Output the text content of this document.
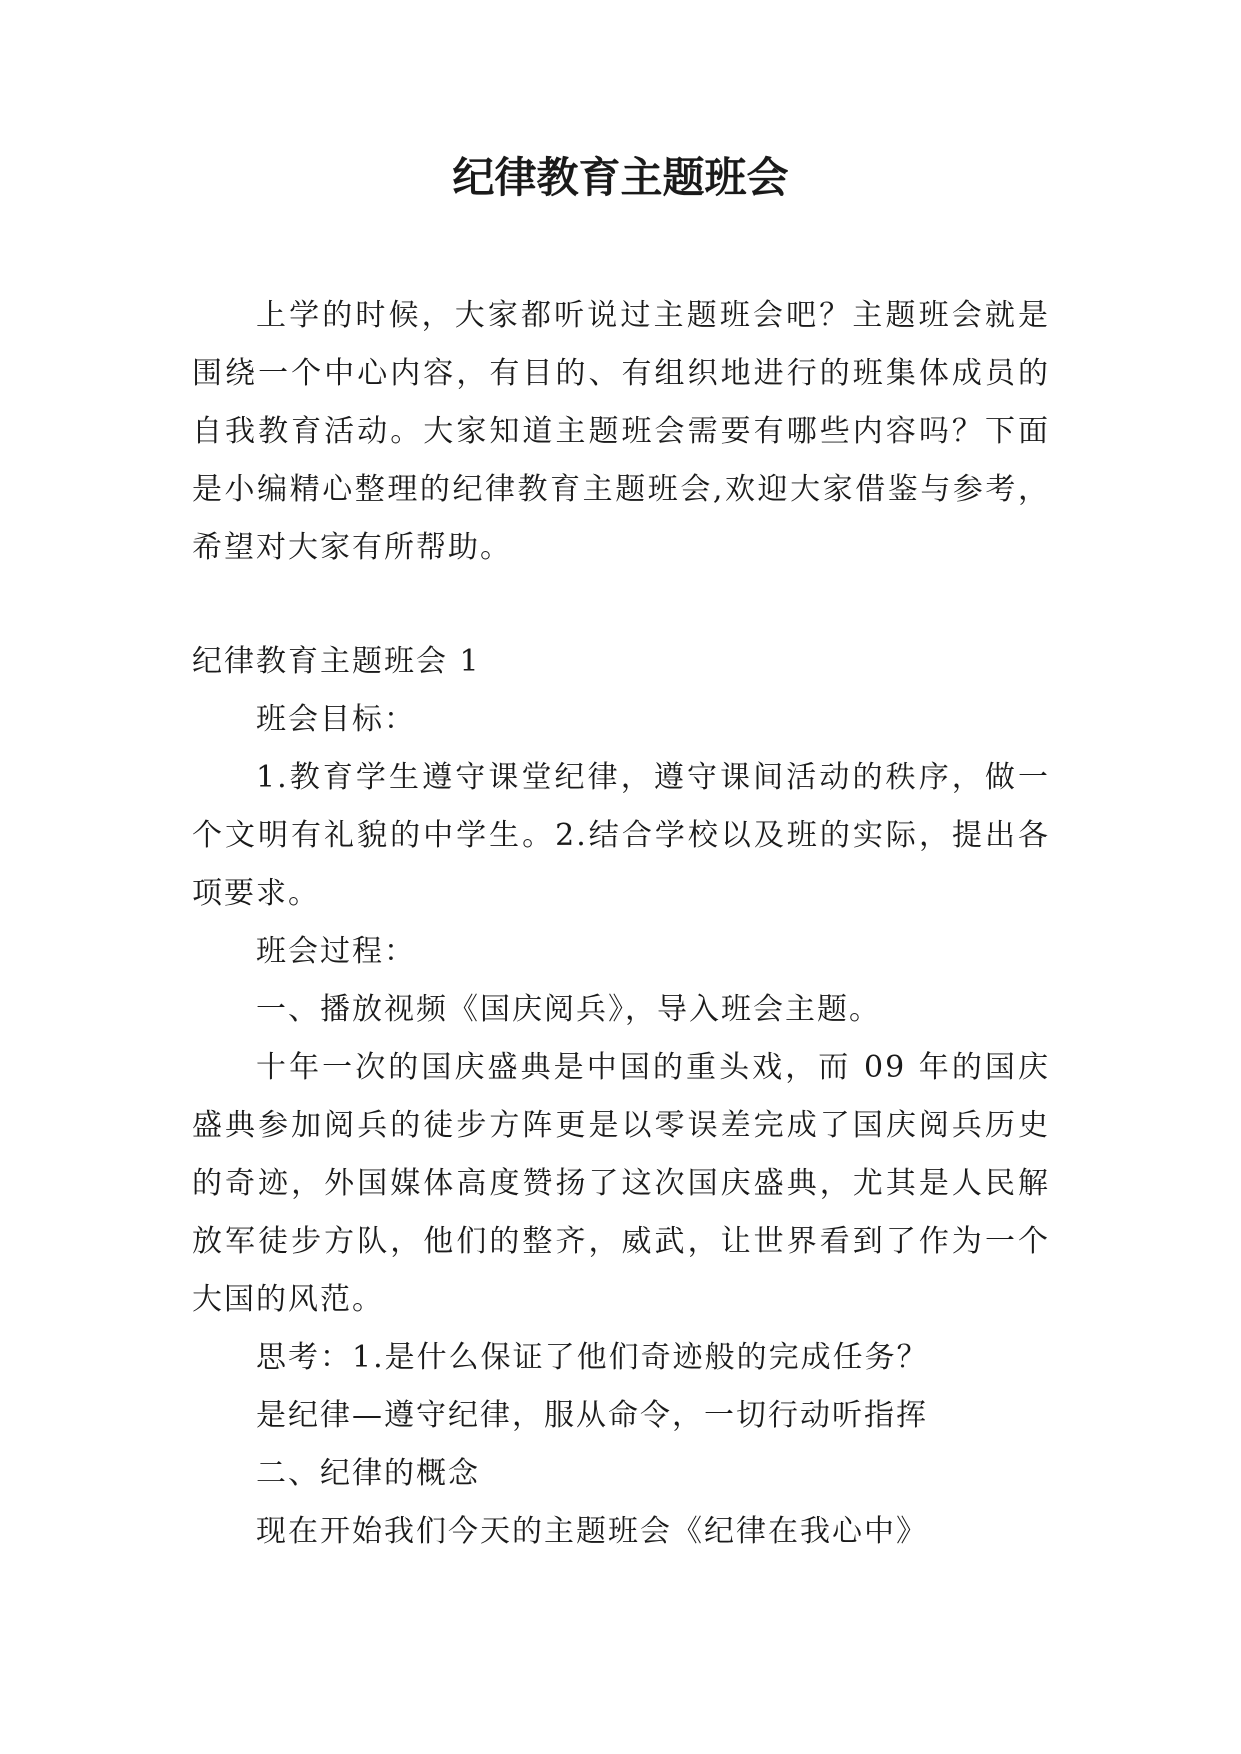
纪律教育主题班会

上学的时候，大家都听说过主题班会吧？主题班会就是围绕一个中心内容，有目的、有组织地进行的班集体成员的自我教育活动。大家知道主题班会需要有哪些内容吗？下面是小编精心整理的纪律教育主题班会,欢迎大家借鉴与参考，希望对大家有所帮助。

纪律教育主题班会 1

班会目标：

1.教育学生遵守课堂纪律，遵守课间活动的秩序，做一个文明有礼貌的中学生。2.结合学校以及班的实际，提出各项要求。

班会过程：

一、播放视频《国庆阅兵》，导入班会主题。

十年一次的国庆盛典是中国的重头戏，而 09 年的国庆盛典参加阅兵的徒步方阵更是以零误差完成了国庆阅兵历史的奇迹，外国媒体高度赞扬了这次国庆盛典，尤其是人民解放军徒步方队，他们的整齐，威武，让世界看到了作为一个大国的风范。

思考：1.是什么保证了他们奇迹般的完成任务？

是纪律—遵守纪律，服从命令，一切行动听指挥

二、纪律的概念

现在开始我们今天的主题班会《纪律在我心中》
